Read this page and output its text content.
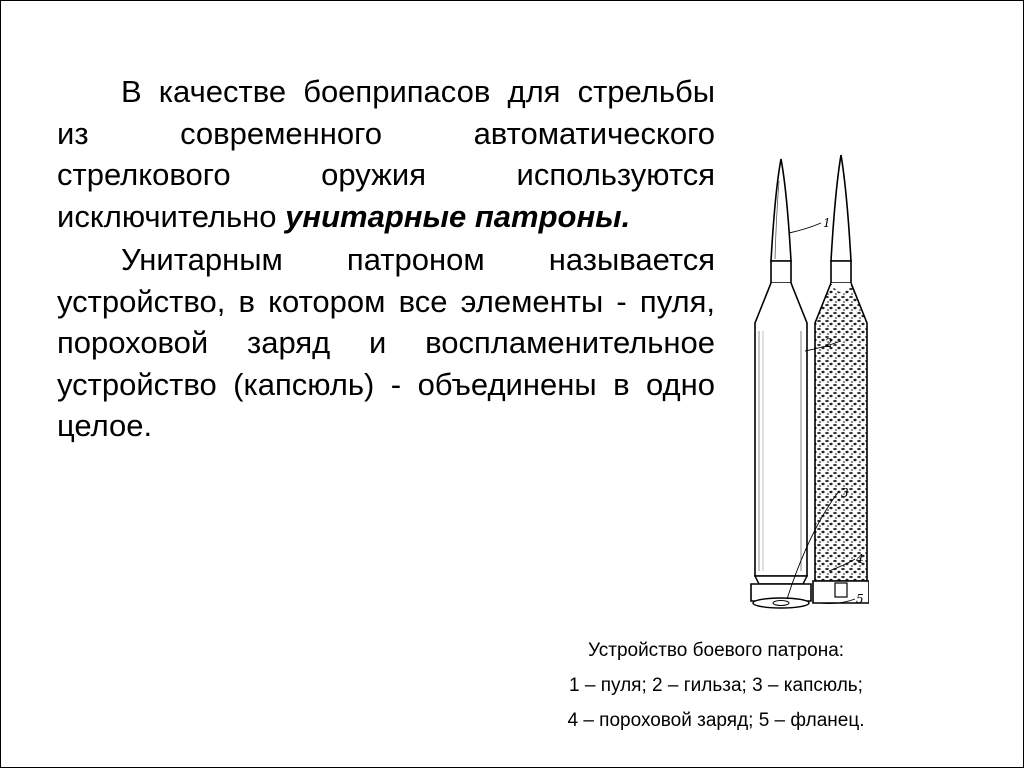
В качестве боеприпасов для стрельбы из современного автоматического стрелкового оружия используются исключительно унитарные патроны.

Унитарным патроном называется устройство, в котором все элементы - пуля, пороховой заряд и воспламенительное устройство (капсюль) - объединены в одно целое.

1
2
3
4
5
Устройство боевого патрона:
1 – пуля; 2 – гильза; 3 – капсюль;
4 – пороховой заряд; 5 – фланец.
